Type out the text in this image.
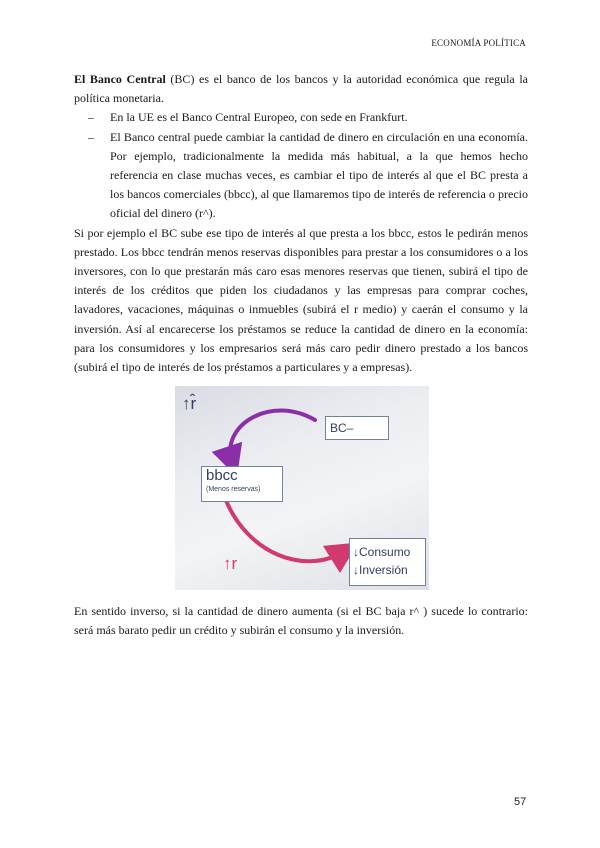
ECONOMÍA POLÍTICA

El Banco Central (BC) es el banco de los bancos y la autoridad económica que regula la política monetaria.

– En la UE es el Banco Central Europeo, con sede en Frankfurt.
– El Banco central puede cambiar la cantidad de dinero en circulación en una economía. Por ejemplo, tradicionalmente la medida más habitual, a la que hemos hecho referencia en clase muchas veces, es cambiar el tipo de interés al que el BC presta a los bancos comerciales (bbcc), al que llamaremos tipo de interés de referencia o precio oficial del dinero (r^).

Si por ejemplo el BC sube ese tipo de interés al que presta a los bbcc, estos le pedirán menos prestado. Los bbcc tendrán menos reservas disponibles para prestar a los consumidores o a los inversores, con lo que prestarán más caro esas menores reservas que tienen, subirá el tipo de interés de los créditos que piden los ciudadanos y las empresas para comprar coches, lavadores, vacaciones, máquinas o inmuebles (subirá el r medio) y caerán el consumo y la inversión. Así al encarecerse los préstamos se reduce la cantidad de dinero en la economía: para los consumidores y los empresarios será más caro pedir dinero prestado a los bancos (subirá el tipo de interés de los préstamos a particulares y a empresas).

↑r̂
BC–
bbcc
(Menos reservas)
↑r
↓Consumo
↓Inversión

En sentido inverso, si la cantidad de dinero aumenta (si el BC baja r^ ) sucede lo contrario: será más barato pedir un crédito y subirán el consumo y la inversión.

57
